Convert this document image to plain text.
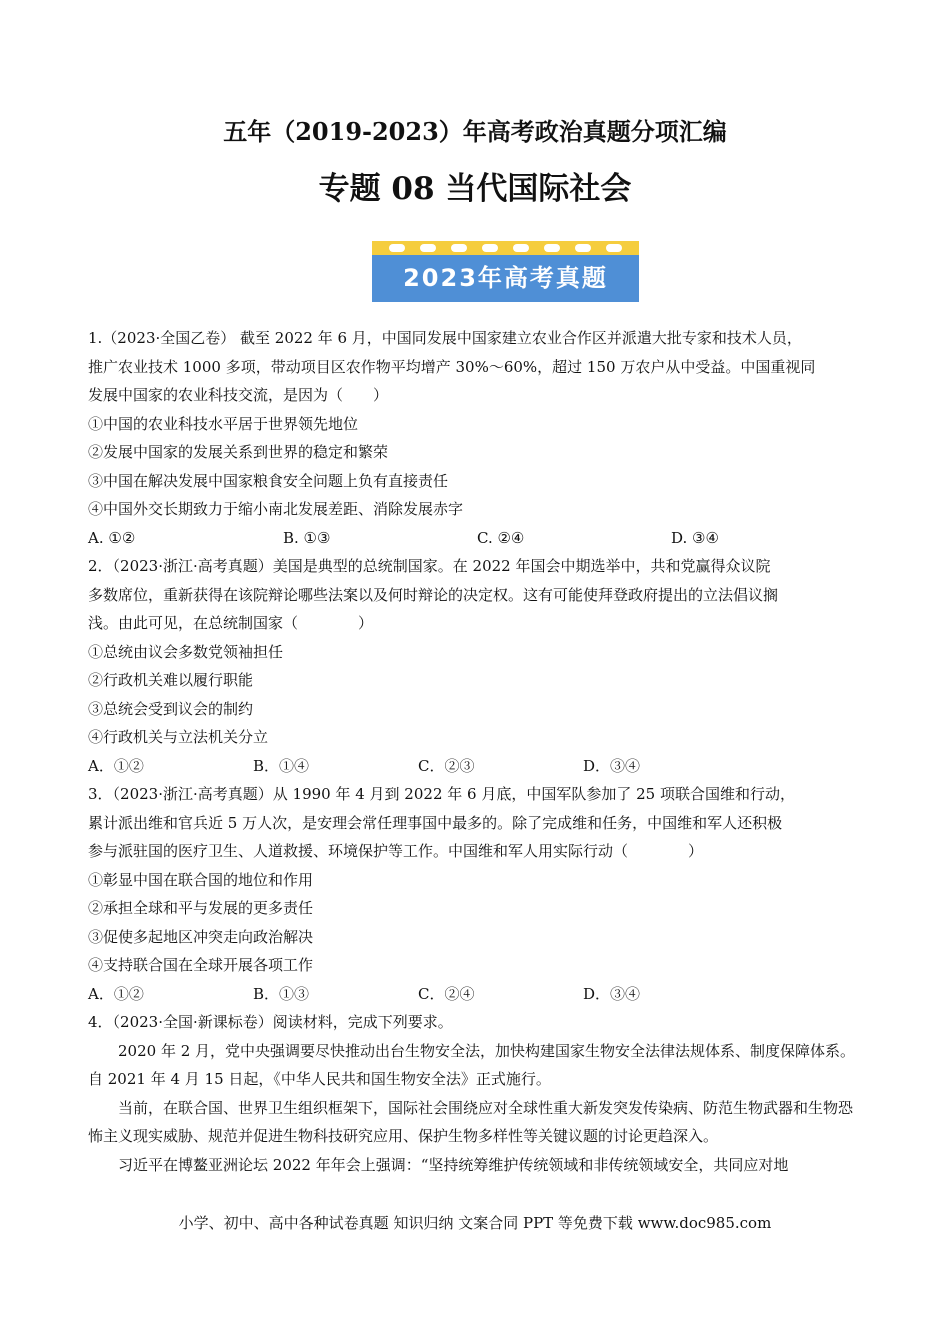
五年（2019-2023）年高考政治真题分项汇编
专题 08 当代国际社会
2023年高考真题
1.（2023·全国乙卷） 截至 2022 年 6 月，中国同发展中国家建立农业合作区并派遣大批专家和技术人员，
推广农业技术 1000 多项，带动项目区农作物平均增产 30%～60%，超过 150 万农户从中受益。中国重视同
发展中国家的农业科技交流，是因为（　　）
①中国的农业科技水平居于世界领先地位
②发展中国家的发展关系到世界的稳定和繁荣
③中国在解决发展中国家粮食安全问题上负有直接责任
④中国外交长期致力于缩小南北发展差距、消除发展赤字
A. ①②	B. ①③	C. ②④	D. ③④
2．（2023·浙江·高考真题）美国是典型的总统制国家。在 2022 年国会中期选举中，共和党赢得众议院
多数席位，重新获得在该院辩论哪些法案以及何时辩论的决定权。这有可能使拜登政府提出的立法倡议搁
浅。由此可见，在总统制国家（　　　　）
①总统由议会多数党领袖担任
②行政机关难以履行职能
③总统会受到议会的制约
④行政机关与立法机关分立
A．①②	B．①④	C．②③	D．③④
3．（2023·浙江·高考真题）从 1990 年 4 月到 2022 年 6 月底，中国军队参加了 25 项联合国维和行动，
累计派出维和官兵近 5 万人次，是安理会常任理事国中最多的。除了完成维和任务，中国维和军人还积极
参与派驻国的医疗卫生、人道救援、环境保护等工作。中国维和军人用实际行动（　　　　）
①彰显中国在联合国的地位和作用
②承担全球和平与发展的更多责任
③促使多起地区冲突走向政治解决
④支持联合国在全球开展各项工作
A．①②	B．①③	C．②④	D．③④
4．（2023·全国·新课标卷）阅读材料，完成下列要求。
2020 年 2 月，党中央强调要尽快推动出台生物安全法，加快构建国家生物安全法律法规体系、制度保障体系。自 2021 年 4 月 15 日起，《中华人民共和国生物安全法》正式施行。
当前，在联合国、世界卫生组织框架下，国际社会围绕应对全球性重大新发突发传染病、防范生物武器和生物恐怖主义现实威胁、规范并促进生物科技研究应用、保护生物多样性等关键议题的讨论更趋深入。
习近平在博鳌亚洲论坛 2022 年年会上强调：“坚持统筹维护传统领域和非传统领域安全，共同应对地
小学、初中、高中各种试卷真题 知识归纳 文案合同 PPT 等免费下载 www.doc985.com
